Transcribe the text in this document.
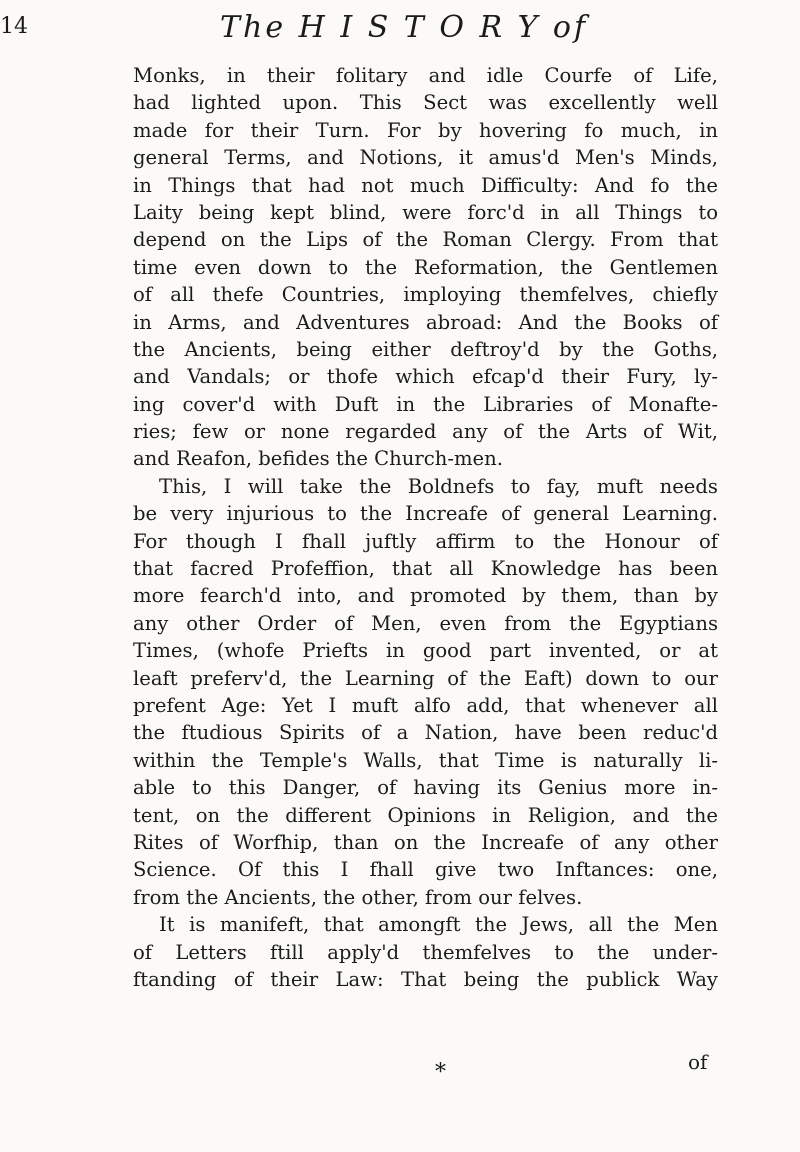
14	The H I S T O R Y of
Monks, in their folitary and idle Courfe of Life,
had lighted upon. This Sect was excellently well
made for their Turn. For by hovering fo much, in
general Terms, and Notions, it amus'd Men's Minds,
in Things that had not much Difficulty: And fo the
Laity being kept blind, were forc'd in all Things to
depend on the Lips of the Roman Clergy. From that
time even down to the Reformation, the Gentlemen
of all thefe Countries, imploying themfelves, chiefly
in Arms, and Adventures abroad: And the Books of
the Ancients, being either deftroy'd by the Goths,
and Vandals; or thofe which efcap'd their Fury, ly-
ing cover'd with Duft in the Libraries of Monafte-
ries; few or none regarded any of the Arts of Wit,
and Reafon, befides the Church-men.
This, I will take the Boldnefs to fay, muft needs
be very injurious to the Increafe of general Learning.
For though I fhall juftly affirm to the Honour of
that facred Profeffion, that all Knowledge has been
more fearch'd into, and promoted by them, than by
any other Order of Men, even from the Egyptians
Times, (whofe Priefts in good part invented, or at
leaft preferv'd, the Learning of the Eaft) down to our
prefent Age: Yet I muft alfo add, that whenever all
the ftudious Spirits of a Nation, have been reduc'd
within the Temple's Walls, that Time is naturally li-
able to this Danger, of having its Genius more in-
tent, on the different Opinions in Religion, and the
Rites of Worfhip, than on the Increafe of any other
Science. Of this I fhall give two Inftances: one,
from the Ancients, the other, from our felves.
It is manifeft, that amongft the Jews, all the Men
of Letters ftill apply'd themfelves to the under-
ftanding of their Law: That being the publick Way
*	of
